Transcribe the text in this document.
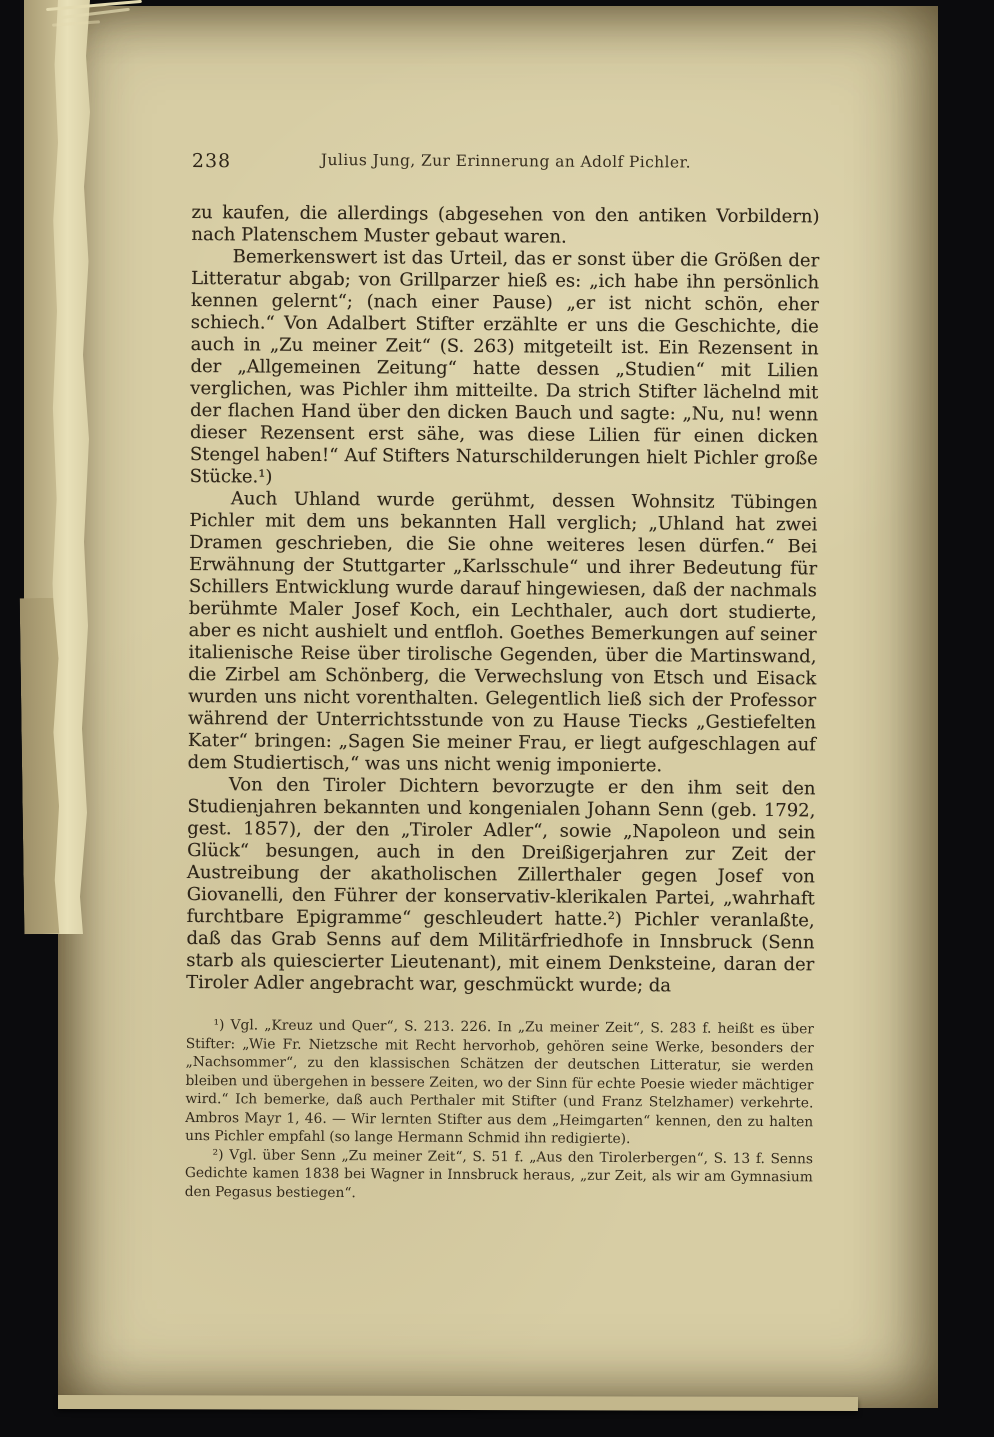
238	Julius Jung, Zur Erinnerung an Adolf Pichler.

zu kaufen, die allerdings (abgesehen von den antiken Vorbildern) nach Platenschem Muster gebaut waren.

Bemerkenswert ist das Urteil, das er sonst über die Größen der Litteratur abgab; von Grillparzer hieß es: „ich habe ihn persönlich kennen gelernt“; (nach einer Pause) „er ist nicht schön, eher schiech.“ Von Adalbert Stifter erzählte er uns die Geschichte, die auch in „Zu meiner Zeit“ (S. 263) mitgeteilt ist. Ein Rezensent in der „Allgemeinen Zeitung“ hatte dessen „Studien“ mit Lilien verglichen, was Pichler ihm mitteilte. Da strich Stifter lächelnd mit der flachen Hand über den dicken Bauch und sagte: „Nu, nu! wenn dieser Rezensent erst sähe, was diese Lilien für einen dicken Stengel haben!“ Auf Stifters Naturschilderungen hielt Pichler große Stücke.¹)

Auch Uhland wurde gerühmt, dessen Wohnsitz Tübingen Pichler mit dem uns bekannten Hall verglich; „Uhland hat zwei Dramen geschrieben, die Sie ohne weiteres lesen dürfen.“ Bei Erwähnung der Stuttgarter „Karlsschule“ und ihrer Bedeutung für Schillers Entwicklung wurde darauf hingewiesen, daß der nachmals berühmte Maler Josef Koch, ein Lechthaler, auch dort studierte, aber es nicht aushielt und entfloh. Goethes Bemerkungen auf seiner italienische Reise über tirolische Gegenden, über die Martinswand, die Zirbel am Schönberg, die Verwechslung von Etsch und Eisack wurden uns nicht vorenthalten. Gelegentlich ließ sich der Professor während der Unterrichtsstunde von zu Hause Tiecks „Gestiefelten Kater“ bringen: „Sagen Sie meiner Frau, er liegt aufgeschlagen auf dem Studiertisch,“ was uns nicht wenig imponierte.

Von den Tiroler Dichtern bevorzugte er den ihm seit den Studienjahren bekannten und kongenialen Johann Senn (geb. 1792, gest. 1857), der den „Tiroler Adler“, sowie „Napoleon und sein Glück“ besungen, auch in den Dreißigerjahren zur Zeit der Austreibung der akatholischen Zillerthaler gegen Josef von Giovanelli, den Führer der konservativ-klerikalen Partei, „wahrhaft furchtbare Epigramme“ geschleudert hatte.²) Pichler veranlaßte, daß das Grab Senns auf dem Militärfriedhofe in Innsbruck (Senn starb als quiescierter Lieutenant), mit einem Denksteine, daran der Tiroler Adler angebracht war, geschmückt wurde; da

¹) Vgl. „Kreuz und Quer“, S. 213. 226. In „Zu meiner Zeit“, S. 283 f. heißt es über Stifter: „Wie Fr. Nietzsche mit Recht hervorhob, gehören seine Werke, besonders der „Nachsommer“, zu den klassischen Schätzen der deutschen Litteratur, sie werden bleiben und übergehen in bessere Zeiten, wo der Sinn für echte Poesie wieder mächtiger wird.“ Ich bemerke, daß auch Perthaler mit Stifter (und Franz Stelzhamer) verkehrte. Ambros Mayr 1, 46. — Wir lernten Stifter aus dem „Heimgarten“ kennen, den zu halten uns Pichler empfahl (so lange Hermann Schmid ihn redigierte).

²) Vgl. über Senn „Zu meiner Zeit“, S. 51 f. „Aus den Tirolerbergen“, S. 13 f. Senns Gedichte kamen 1838 bei Wagner in Innsbruck heraus, „zur Zeit, als wir am Gymnasium den Pegasus bestiegen“.
